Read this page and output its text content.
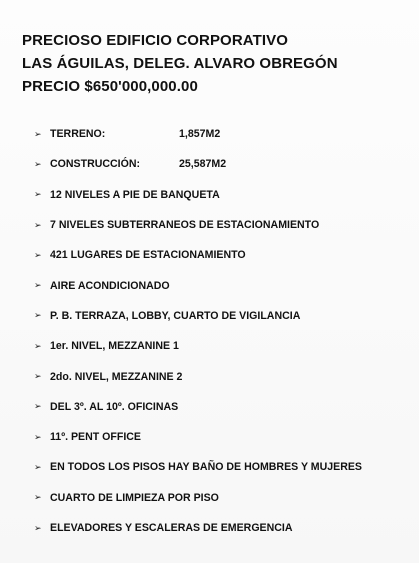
PRECIOSO EDIFICIO CORPORATIVO
LAS ÁGUILAS, DELEG. ALVARO OBREGÓN
PRECIO $650'000,000.00
➢ TERRENO:	1,857M2
➢ CONSTRUCCIÓN:	25,587M2
➢ 12 NIVELES A PIE DE BANQUETA
➢ 7 NIVELES SUBTERRANEOS DE ESTACIONAMIENTO
➢ 421 LUGARES DE ESTACIONAMIENTO
➢ AIRE ACONDICIONADO
➢ P. B. TERRAZA, LOBBY, CUARTO DE VIGILANCIA
➢ 1er. NIVEL, MEZZANINE 1
➢ 2do. NIVEL, MEZZANINE 2
➢ DEL 3º. AL 10º. OFICINAS
➢ 11º. PENT OFFICE
➢ EN TODOS LOS PISOS HAY BAÑO DE HOMBRES Y MUJERES
➢ CUARTO DE LIMPIEZA POR PISO
➢ ELEVADORES Y ESCALERAS DE EMERGENCIA
